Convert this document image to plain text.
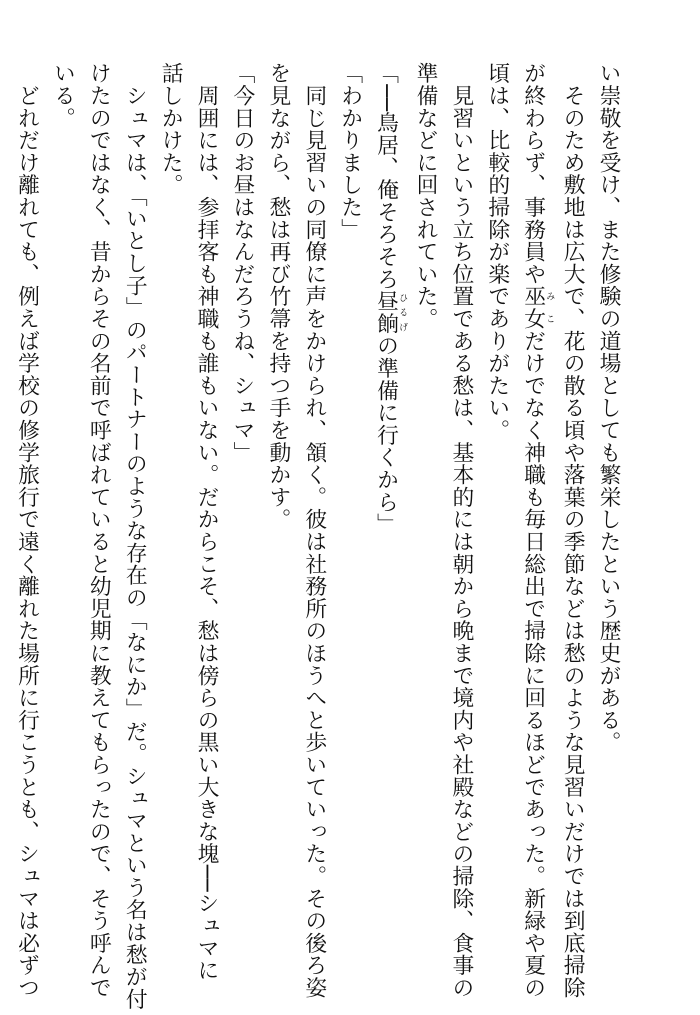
い崇敬を受け、また修験の道場としても繁栄したという歴史がある。
　そのため敷地は広大で、花の散る頃や落葉の季節などは愁のような見習いだけでは到底掃除
が終わらず、事務員や巫女みこだけでなく神職も毎日総出で掃除に回るほどであった。新緑や夏の
頃は、比較的掃除が楽でありがたい。
　見習いという立ち位置である愁は、基本的には朝から晩まで境内や社殿などの掃除、食事の
準備などに回されていた。
「──鳥居、俺そろそろ昼餉ひるげの準備に行くから」
「わかりました」
　同じ見習いの同僚に声をかけられ、頷く。彼は社務所のほうへと歩いていった。その後ろ姿
を見ながら、愁は再び竹箒を持つ手を動かす。
「今日のお昼はなんだろうね、シュマ」
　周囲には、参拝客も神職も誰もいない。だからこそ、愁は傍らの黒い大きな塊──シュマに
話しかけた。
　シュマは、「いとし子」のパートナーのような存在の「なにか」だ。シュマという名は愁が付
けたのではなく、昔からその名前で呼ばれていると幼児期に教えてもらったので、そう呼んで
いる。
　どれだけ離れても、例えば学校の修学旅行で遠く離れた場所に行こうとも、シュマは必ずつ
